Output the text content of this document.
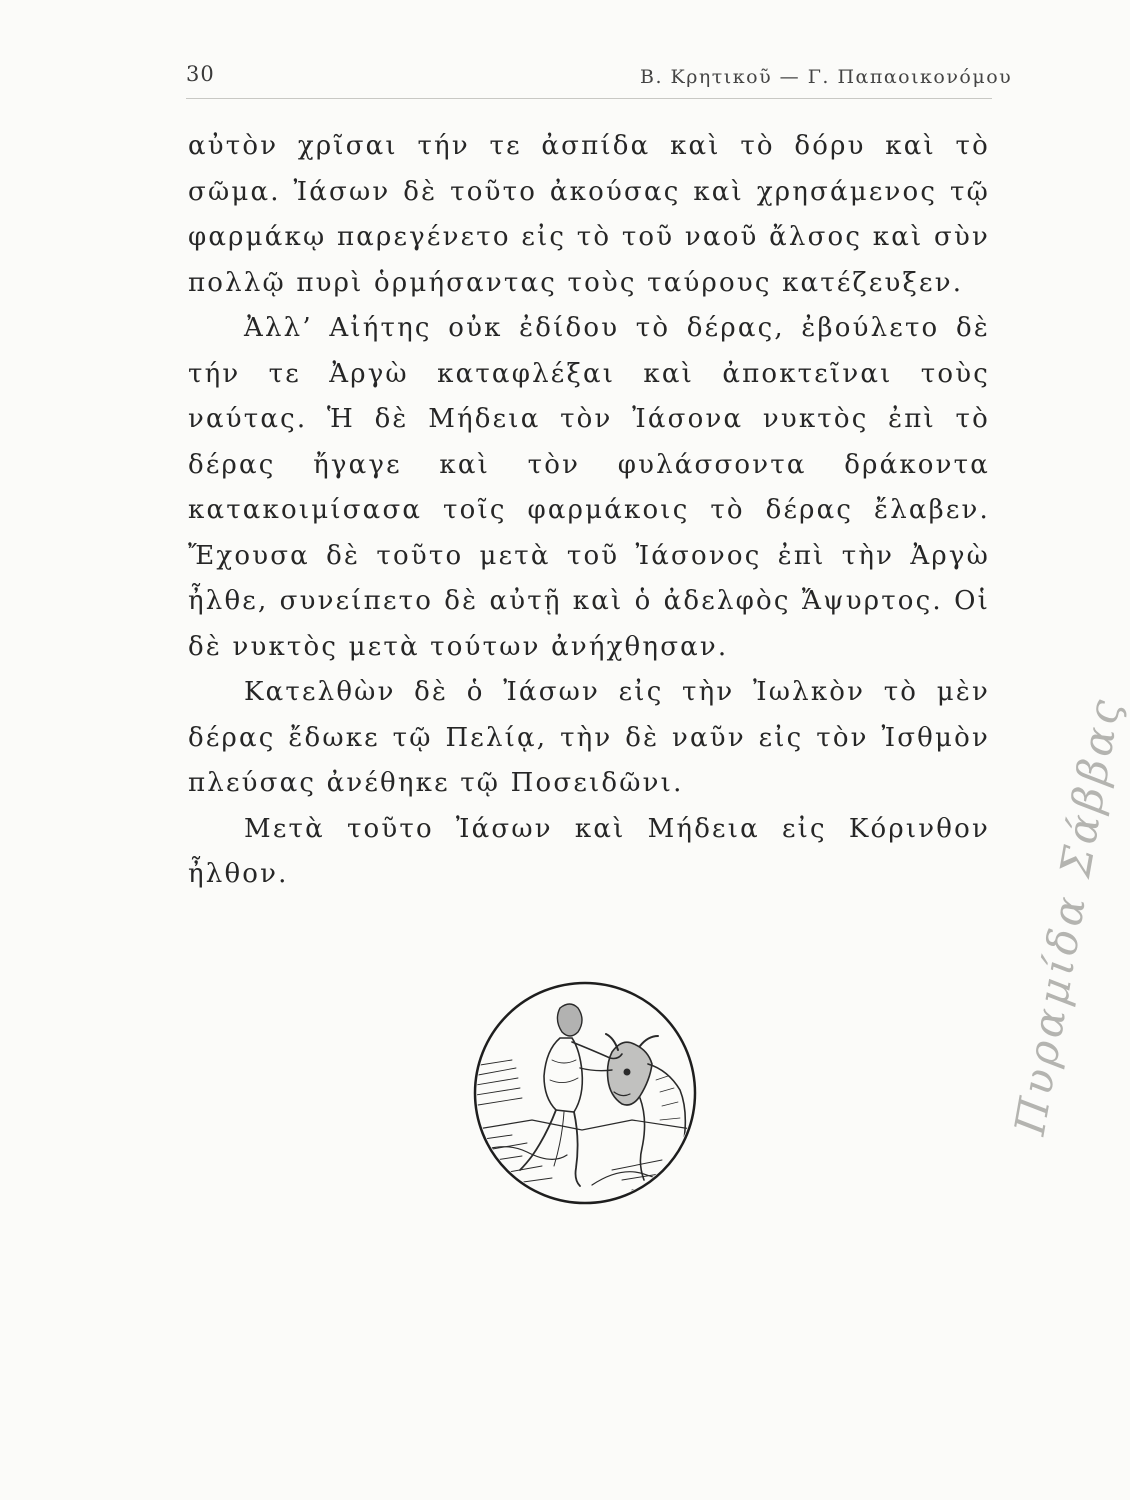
30	Β. Κρητικοῦ — Γ. Παπαοικονόμου

αὐτὸν χρῖσαι τήν τε ἀσπίδα καὶ τὸ δόρυ καὶ τὸ σῶμα. Ἰάσων δὲ τοῦτο ἀκούσας καὶ χρησάμενος τῷ φαρμάκῳ παρεγένετο εἰς τὸ τοῦ ναοῦ ἄλσος καὶ σὺν πολλῷ πυρὶ ὁρμήσαντας τοὺς ταύρους κατέζευξεν.

Ἀλλ’ Αἰήτης οὐκ ἐδίδου τὸ δέρας, ἐβούλετο δὲ τήν τε Ἀργὼ καταφλέξαι καὶ ἀποκτεῖναι τοὺς ναύτας. Ἡ δὲ Μήδεια τὸν Ἰάσονα νυκτὸς ἐπὶ τὸ δέρας ἤγαγε καὶ τὸν φυλάσσοντα δράκοντα κατακοιμίσασα τοῖς φαρμάκοις τὸ δέρας ἔλαβεν. Ἔχουσα δὲ τοῦτο μετὰ τοῦ Ἰάσονος ἐπὶ τὴν Ἀργὼ ἦλθε, συνείπετο δὲ αὐτῇ καὶ ὁ ἀδελφὸς Ἄψυρτος. Οἱ δὲ νυκτὸς μετὰ τούτων ἀνήχθησαν.

Κατελθὼν δὲ ὁ Ἰάσων εἰς τὴν Ἰωλκὸν τὸ μὲν δέρας ἔδωκε τῷ Πελίᾳ, τὴν δὲ ναῦν εἰς τὸν Ἰσθμὸν πλεύσας ἀνέθηκε τῷ Ποσειδῶνι.

Μετὰ τοῦτο Ἰάσων καὶ Μήδεια εἰς Κόρινθον ἦλθον.	Πυραμίδα Σάββας
